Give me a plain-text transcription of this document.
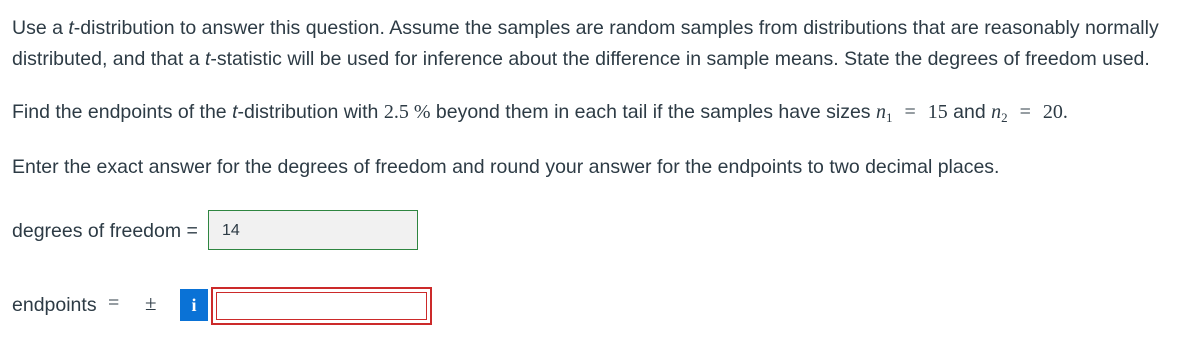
Use a t-distribution to answer this question. Assume the samples are random samples from distributions that are reasonably normally
distributed, and that a t-statistic will be used for inference about the difference in sample means. State the degrees of freedom used.
Find the endpoints of the t-distribution with 2.5 % beyond them in each tail if the samples have sizes $n_1 = 15$ and $n_2 = 20$.
Enter the exact answer for the degrees of freedom and round your answer for the endpoints to two decimal places.
degrees of freedom =	14
endpoints = ± i
